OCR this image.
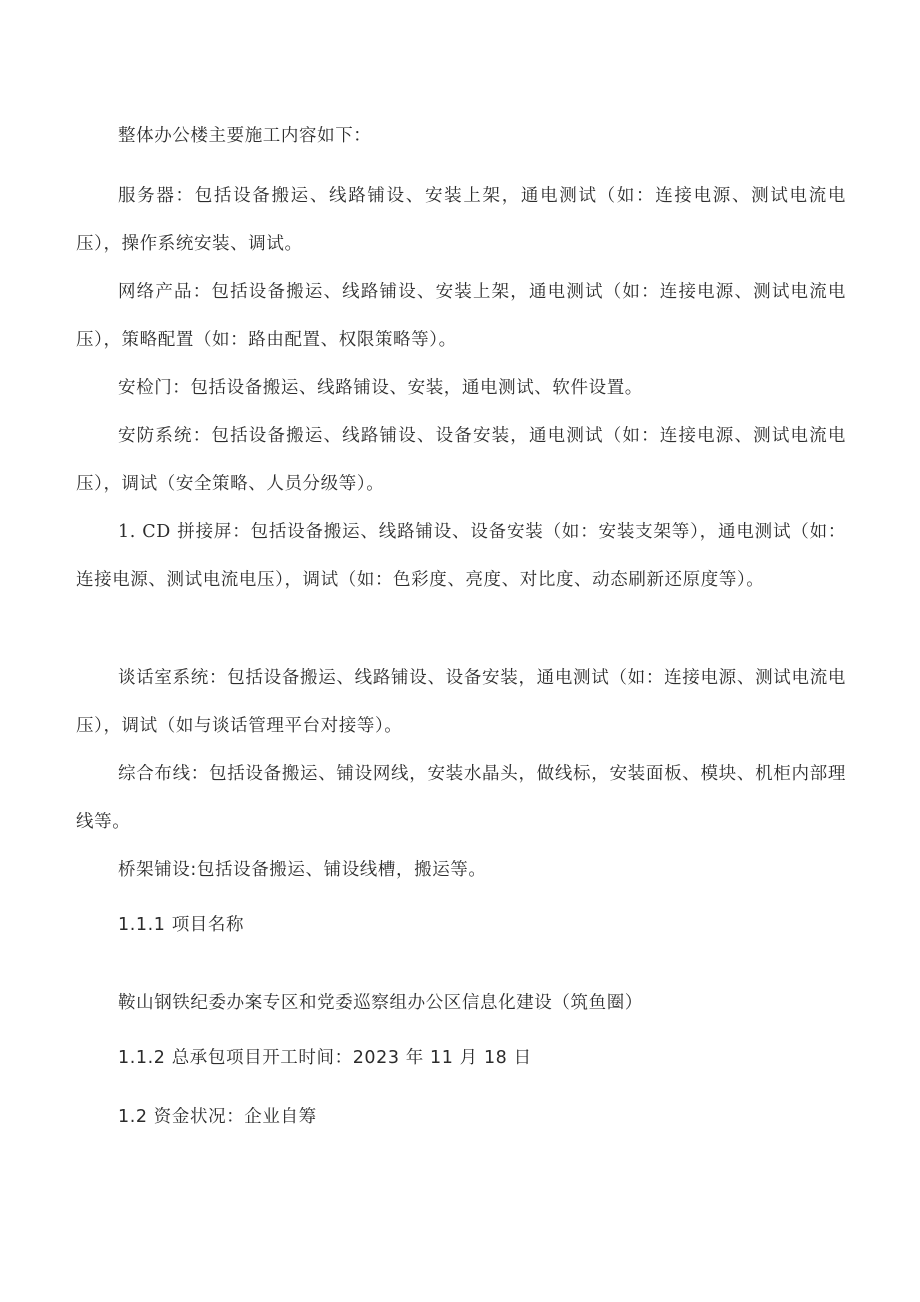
整体办公楼主要施工内容如下：

服务器：包括设备搬运、线路铺设、安装上架，通电测试（如：连接电源、测试电流电压），操作系统安装、调试。

网络产品：包括设备搬运、线路铺设、安装上架，通电测试（如：连接电源、测试电流电压），策略配置（如：路由配置、权限策略等）。

安检门：包括设备搬运、线路铺设、安装，通电测试、软件设置。

安防系统：包括设备搬运、线路铺设、设备安装，通电测试（如：连接电源、测试电流电压），调试（安全策略、人员分级等）。

1. CD 拼接屏：包括设备搬运、线路铺设、设备安装（如：安装支架等），通电测试（如：连接电源、测试电流电压），调试（如：色彩度、亮度、对比度、动态刷新还原度等）。

谈话室系统：包括设备搬运、线路铺设、设备安装，通电测试（如：连接电源、测试电流电压），调试（如与谈话管理平台对接等）。

综合布线：包括设备搬运、铺设网线，安装水晶头，做线标，安装面板、模块、机柜内部理线等。

桥架铺设:包括设备搬运、铺设线槽，搬运等。

1.1.1 项目名称

鞍山钢铁纪委办案专区和党委巡察组办公区信息化建设（筑鱼圈）

1.1.2 总承包项目开工时间：2023 年 11 月 18 日

1.2 资金状况：企业自筹
